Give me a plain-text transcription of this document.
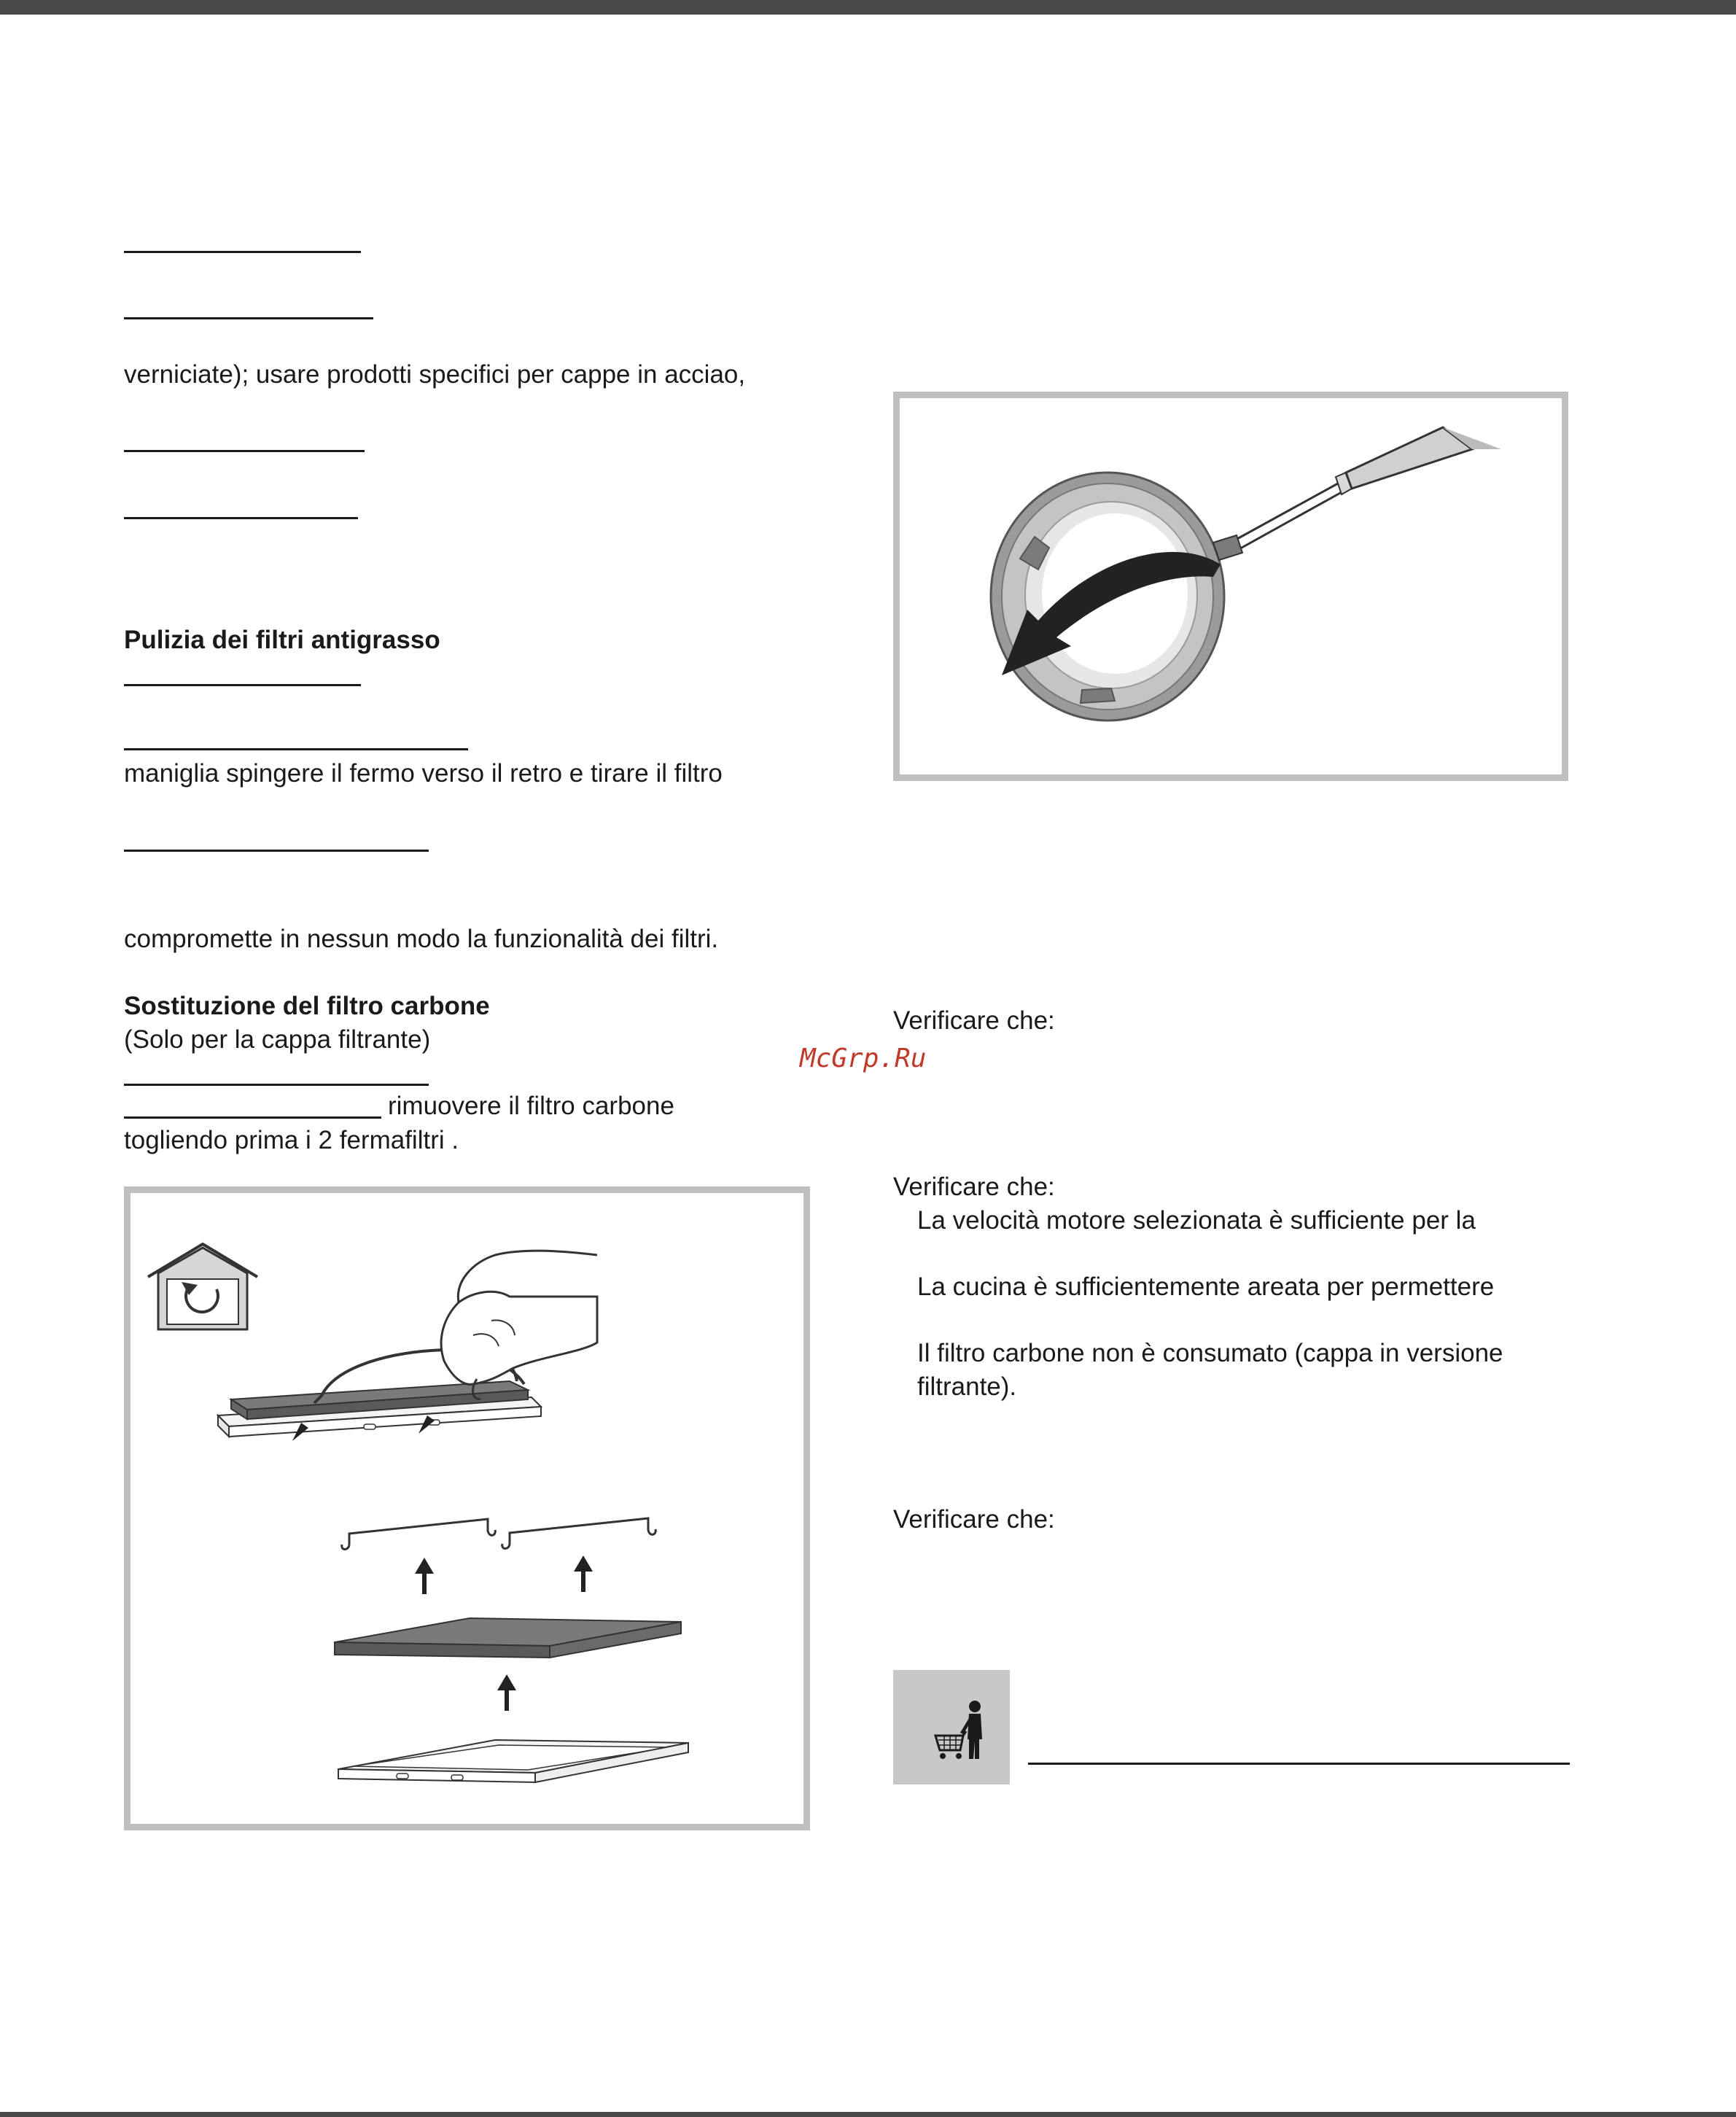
verniciate); usare prodotti specifici per cappe in acciao,
Pulizia dei filtri antigrasso
maniglia spingere il fermo verso il retro e tirare il filtro
compromette in nessun modo la funzionalità dei filtri.
Sostituzione del filtro carbone
(Solo per la cappa filtrante)
rimuovere il filtro carbone
togliendo prima i 2 fermafiltri .
Verificare che:
McGrp.Ru
Verificare che:
La velocità motore selezionata è sufficiente per la
La cucina è sufficientemente areata per permettere
Il filtro carbone non è consumato (cappa in versione
filtrante).
Verificare che:
